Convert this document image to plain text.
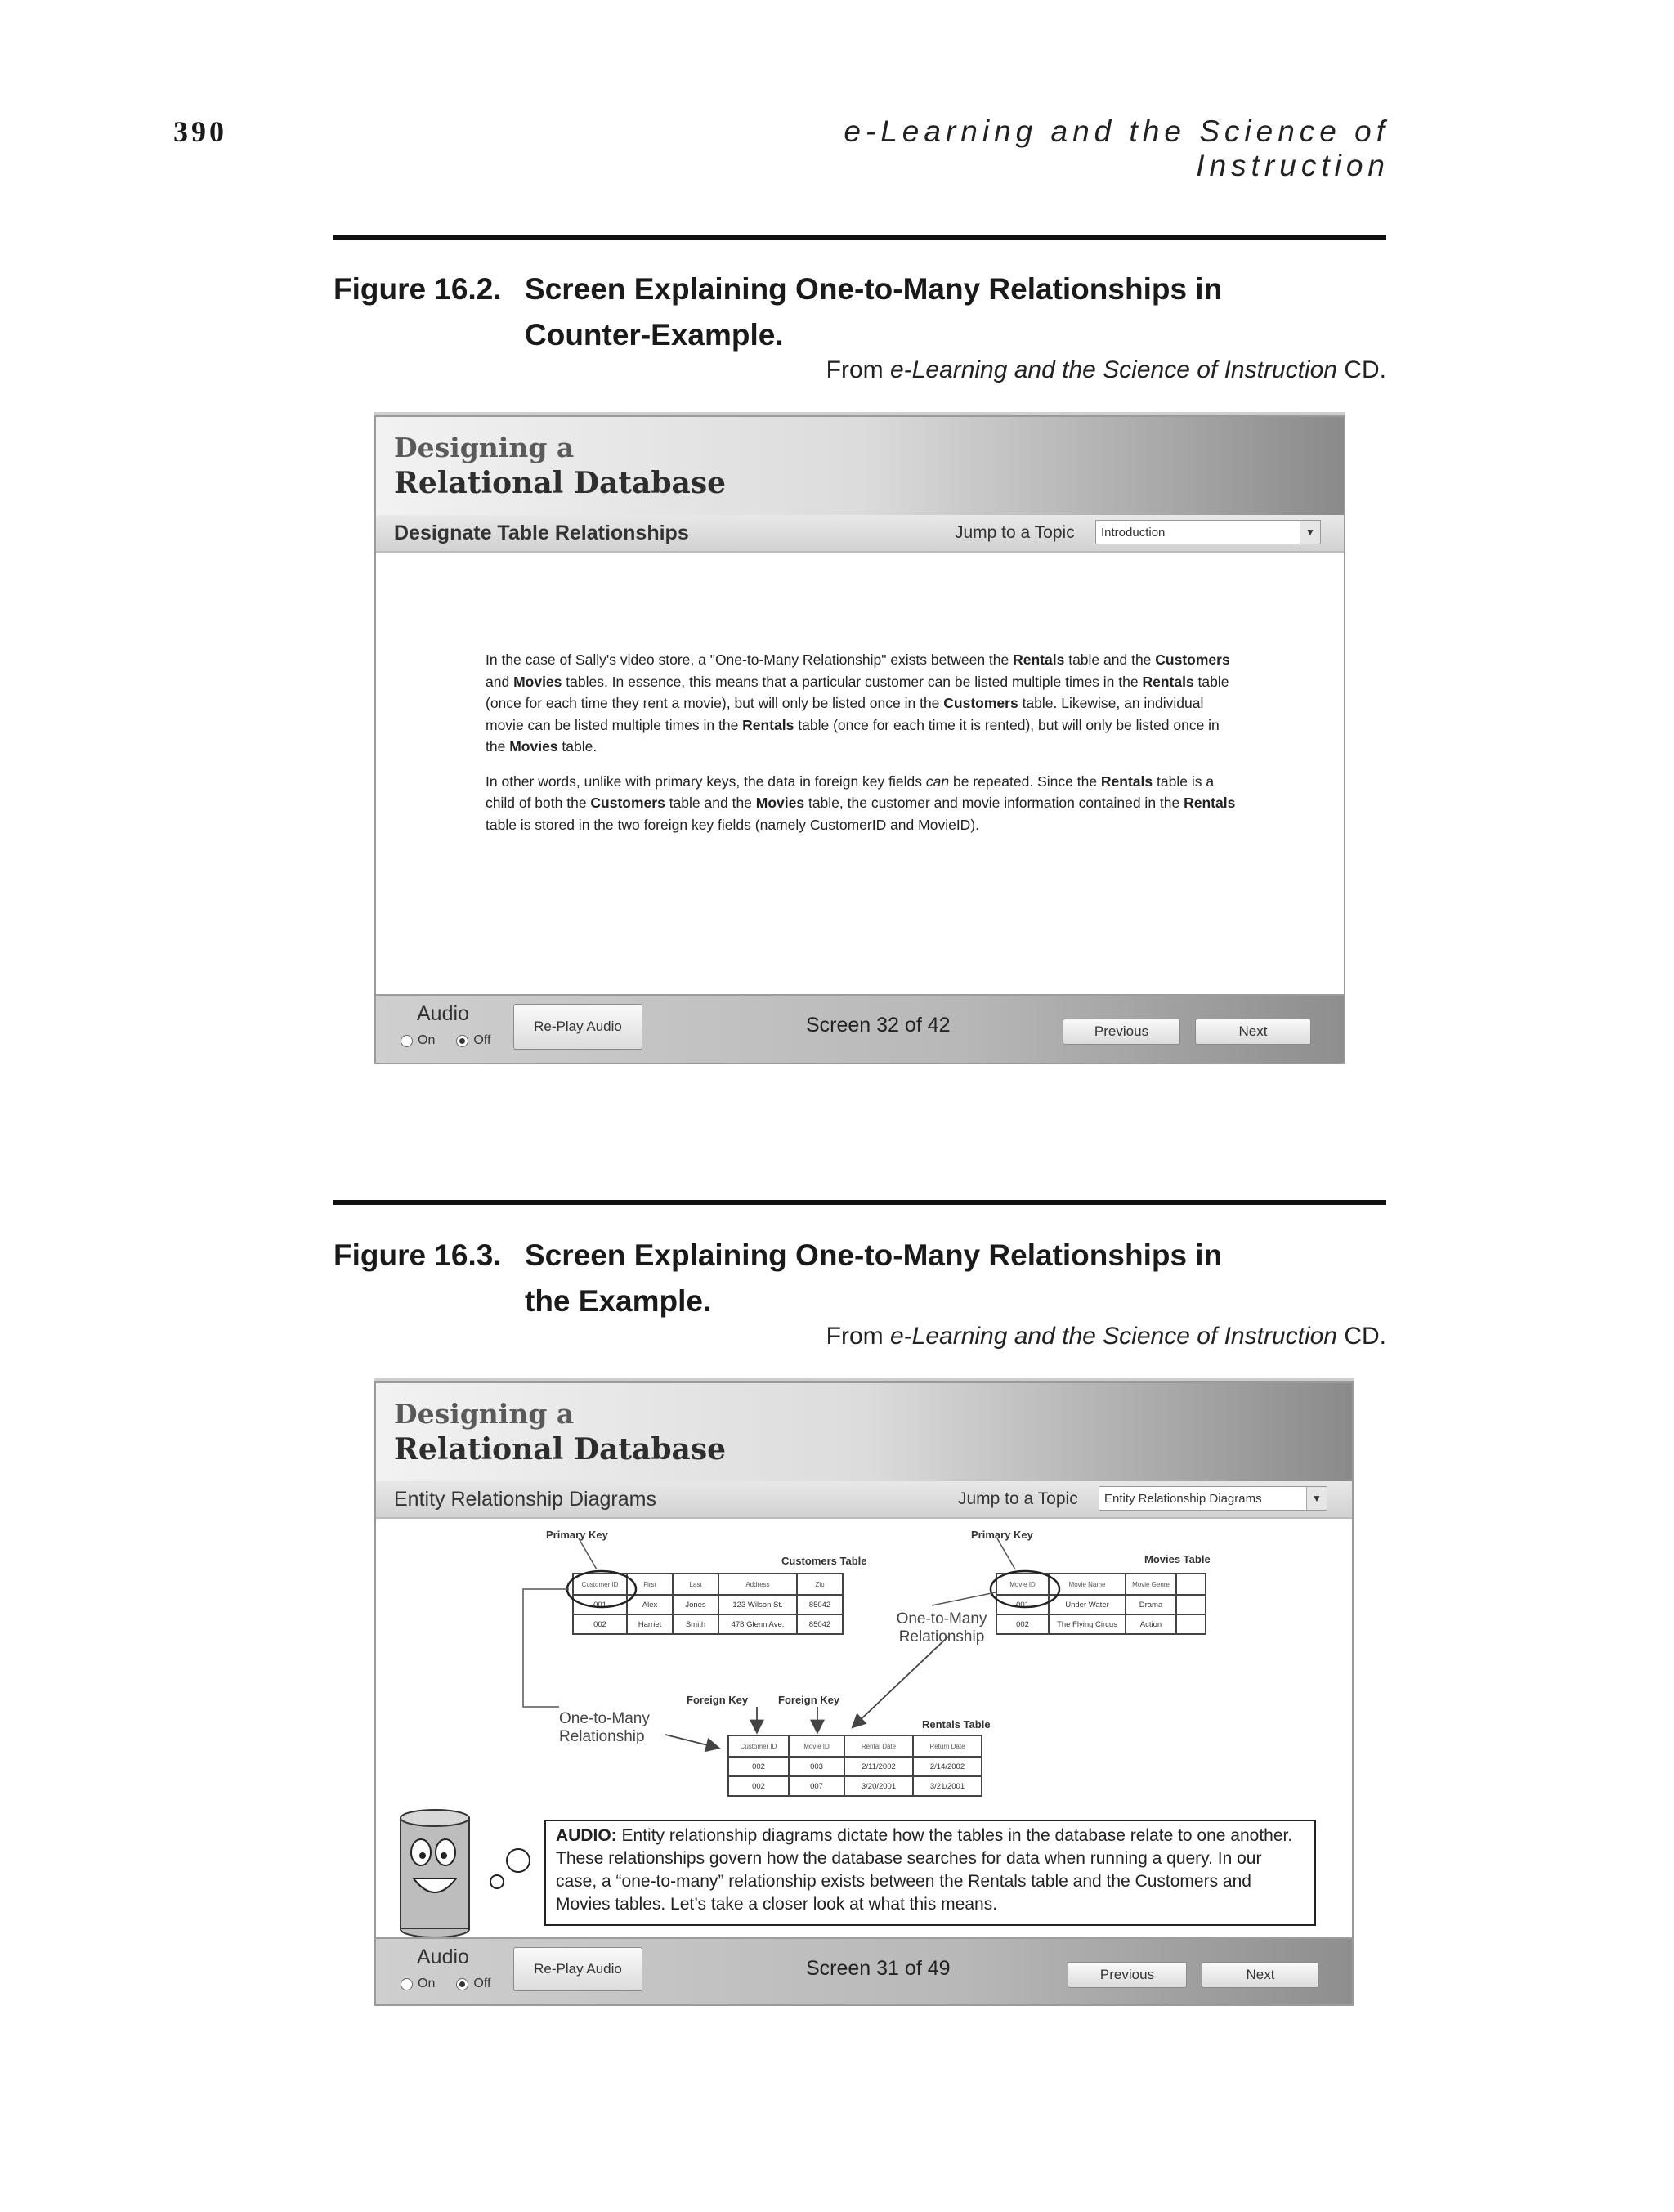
390	e-Learning and the Science of Instruction
Figure 16.2. Screen Explaining One-to-Many Relationships in Counter-Example.
From e-Learning and the Science of Instruction CD.
Designing a
Relational Database
Designate Table Relationships	Jump to a Topic	Introduction	▼

In the case of Sally's video store, a "One-to-Many Relationship" exists between the Rentals table and the Customers and Movies tables. In essence, this means that a particular customer can be listed multiple times in the Rentals table (once for each time they rent a movie), but will only be listed once in the Customers table. Likewise, an individual movie can be listed multiple times in the Rentals table (once for each time it is rented), but will only be listed once in the Movies table.

In other words, unlike with primary keys, the data in foreign key fields can be repeated. Since the Rentals table is a child of both the Customers table and the Movies table, the customer and movie information contained in the Rentals table is stored in the two foreign key fields (namely CustomerID and MovieID).

Audio
On	Off
Re-Play Audio	Screen 32 of 42	Previous	Next
Figure 16.3. Screen Explaining One-to-Many Relationships in the Example.
From e-Learning and the Science of Instruction CD.
Designing a
Relational Database
Entity Relationship Diagrams	Jump to a Topic	Entity Relationship Diagrams	▼
Primary Key	Primary Key
Customers Table	Movies Table
Customer ID	First	Last	Address	Zip
001	Alex	Jones	123 Wilson St.	85042
002	Harriet	Smith	478 Glenn Ave.	85042
Movie ID	Movie Name	Movie Genre	
001	Under Water	Drama	
002	The Flying Circus	Action	
One-to-Many Relationship
One-to-Many Relationship
Foreign Key	Foreign Key
Rentals Table
Customer ID	Movie ID	Rental Date	Return Date
002	003	2/11/2002	2/14/2002
002	007	3/20/2001	3/21/2001
AUDIO: Entity relationship diagrams dictate how the tables in the database relate to one another. These relationships govern how the database searches for data when running a query. In our case, a “one-to-many” relationship exists between the Rentals table and the Customers and Movies tables. Let’s take a closer look at what this means.
Audio
On	Off
Re-Play Audio	Screen 31 of 49	Previous	Next
